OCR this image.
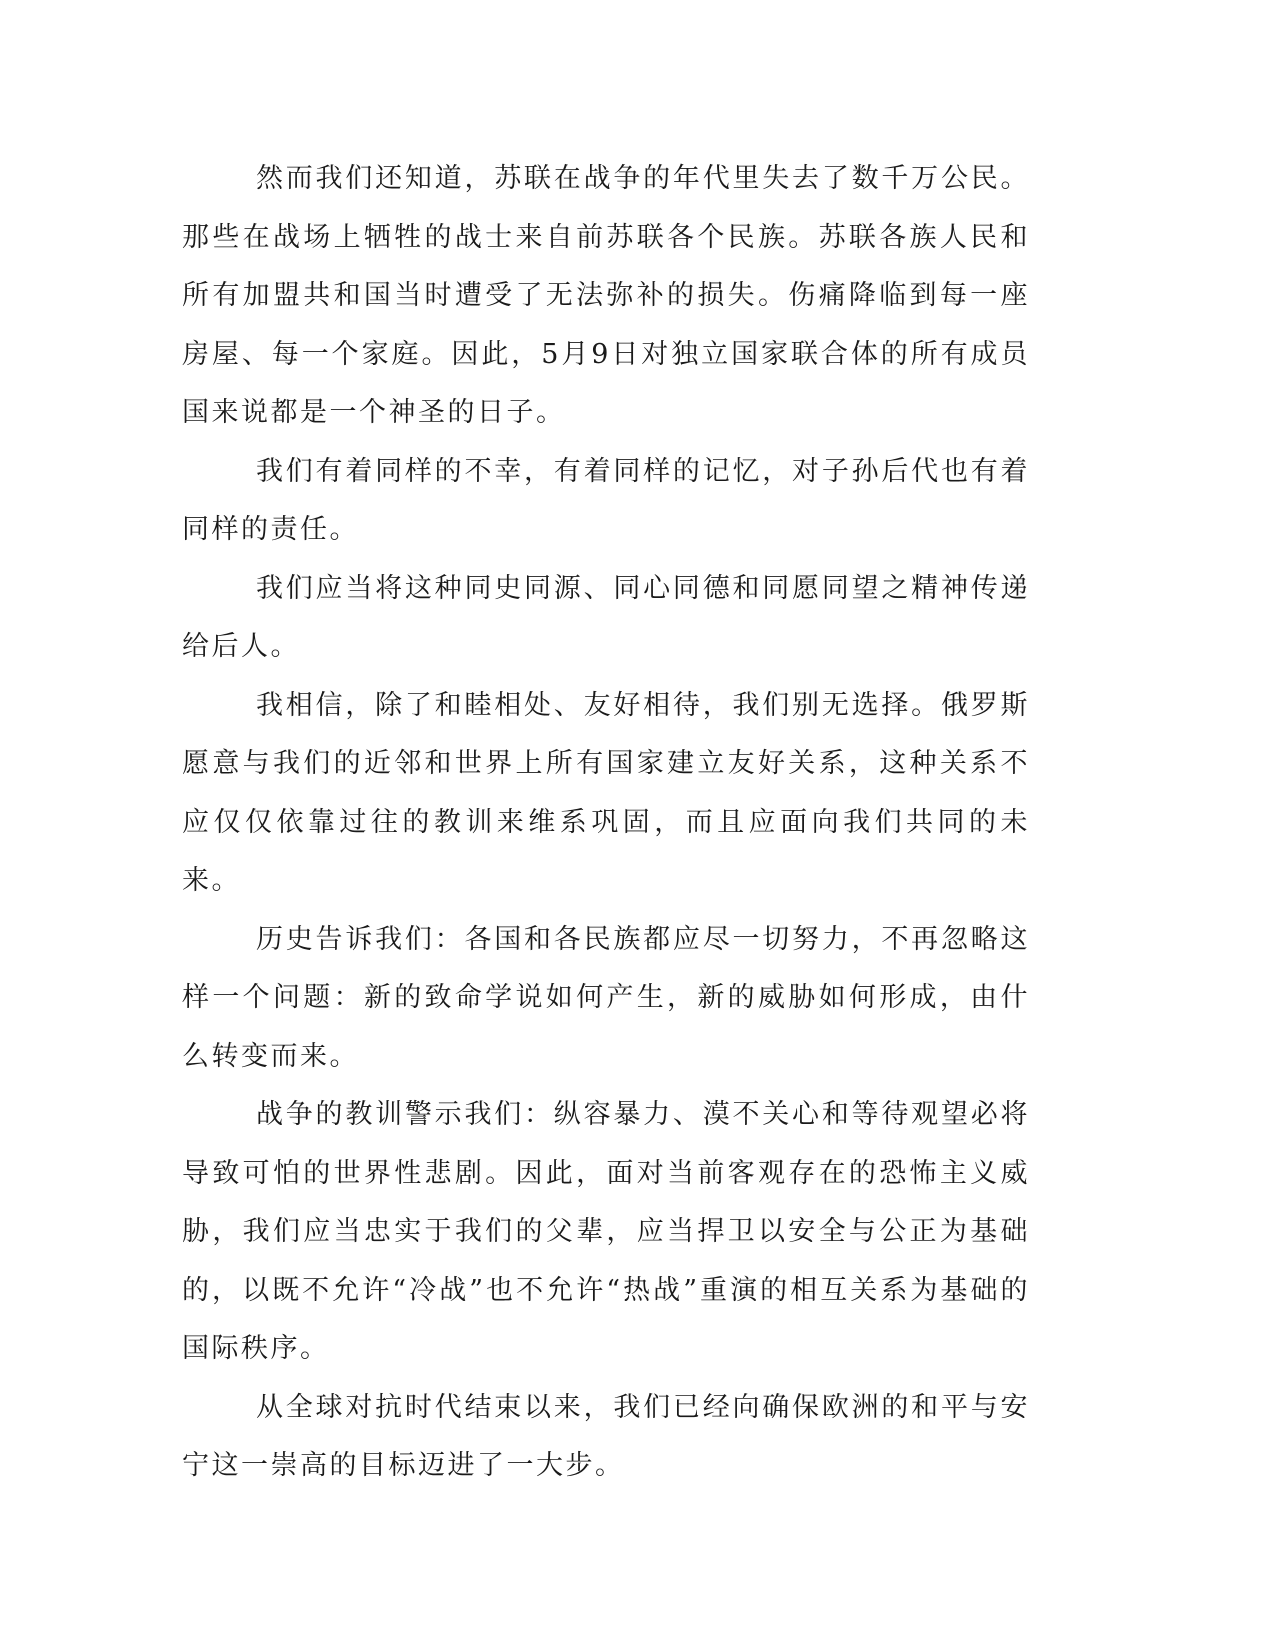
然而我们还知道，苏联在战争的年代里失去了数千万公民。那些在战场上牺牲的战士来自前苏联各个民族。苏联各族人民和所有加盟共和国当时遭受了无法弥补的损失。伤痛降临到每一座房屋、每一个家庭。因此，5月9日对独立国家联合体的所有成员国来说都是一个神圣的日子。

我们有着同样的不幸，有着同样的记忆，对子孙后代也有着同样的责任。

我们应当将这种同史同源、同心同德和同愿同望之精神传递给后人。

我相信，除了和睦相处、友好相待，我们别无选择。俄罗斯愿意与我们的近邻和世界上所有国家建立友好关系，这种关系不应仅仅依靠过往的教训来维系巩固，而且应面向我们共同的未来。

历史告诉我们：各国和各民族都应尽一切努力，不再忽略这样一个问题：新的致命学说如何产生，新的威胁如何形成，由什么转变而来。

战争的教训警示我们：纵容暴力、漠不关心和等待观望必将导致可怕的世界性悲剧。因此，面对当前客观存在的恐怖主义威胁，我们应当忠实于我们的父辈，应当捍卫以安全与公正为基础的，以既不允许“冷战”也不允许“热战”重演的相互关系为基础的国际秩序。

从全球对抗时代结束以来，我们已经向确保欧洲的和平与安宁这一崇高的目标迈进了一大步。
